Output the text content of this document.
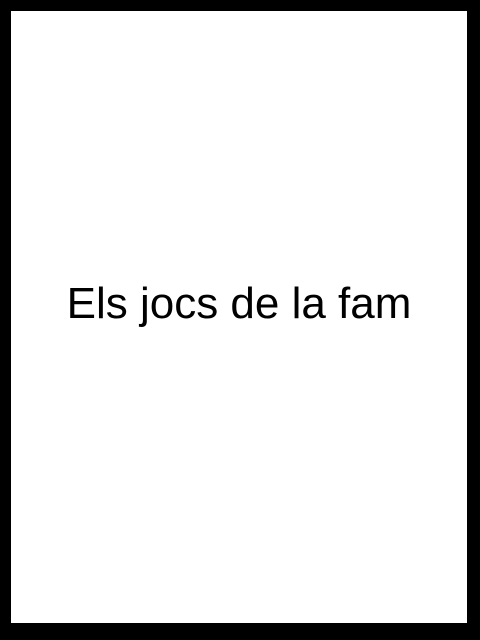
Els jocs de la fam
